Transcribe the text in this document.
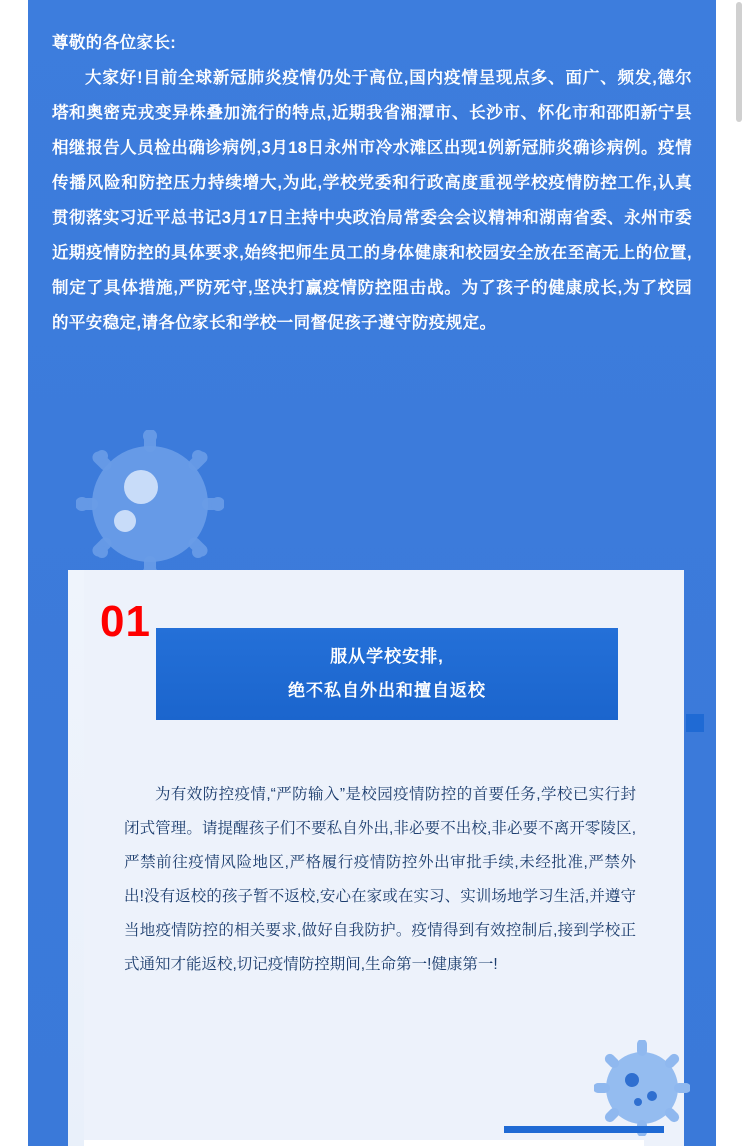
尊敬的各位家长:
大家好!目前全球新冠肺炎疫情仍处于高位,国内疫情呈现点多、面广、频发,德尔塔和奥密克戎变异株叠加流行的特点,近期我省湘潭市、长沙市、怀化市和邵阳新宁县相继报告人员检出确诊病例,3月18日永州市冷水滩区出现1例新冠肺炎确诊病例。疫情传播风险和防控压力持续增大,为此,学校党委和行政高度重视学校疫情防控工作,认真贯彻落实习近平总书记3月17日主持中央政治局常委会会议精神和湖南省委、永州市委近期疫情防控的具体要求,始终把师生员工的身体健康和校园安全放在至高无上的位置,制定了具体措施,严防死守,坚决打赢疫情防控阻击战。为了孩子的健康成长,为了校园的平安稳定,请各位家长和学校一同督促孩子遵守防疫规定。
01
服从学校安排,
绝不私自外出和擅自返校
为有效防控疫情,“严防输入”是校园疫情防控的首要任务,学校已实行封闭式管理。请提醒孩子们不要私自外出,非必要不出校,非必要不离开零陵区,严禁前往疫情风险地区,严格履行疫情防控外出审批手续,未经批准,严禁外出!没有返校的孩子暂不返校,安心在家或在实习、实训场地学习生活,并遵守当地疫情防控的相关要求,做好自我防护。疫情得到有效控制后,接到学校正式通知才能返校,切记疫情防控期间,生命第一!健康第一!
